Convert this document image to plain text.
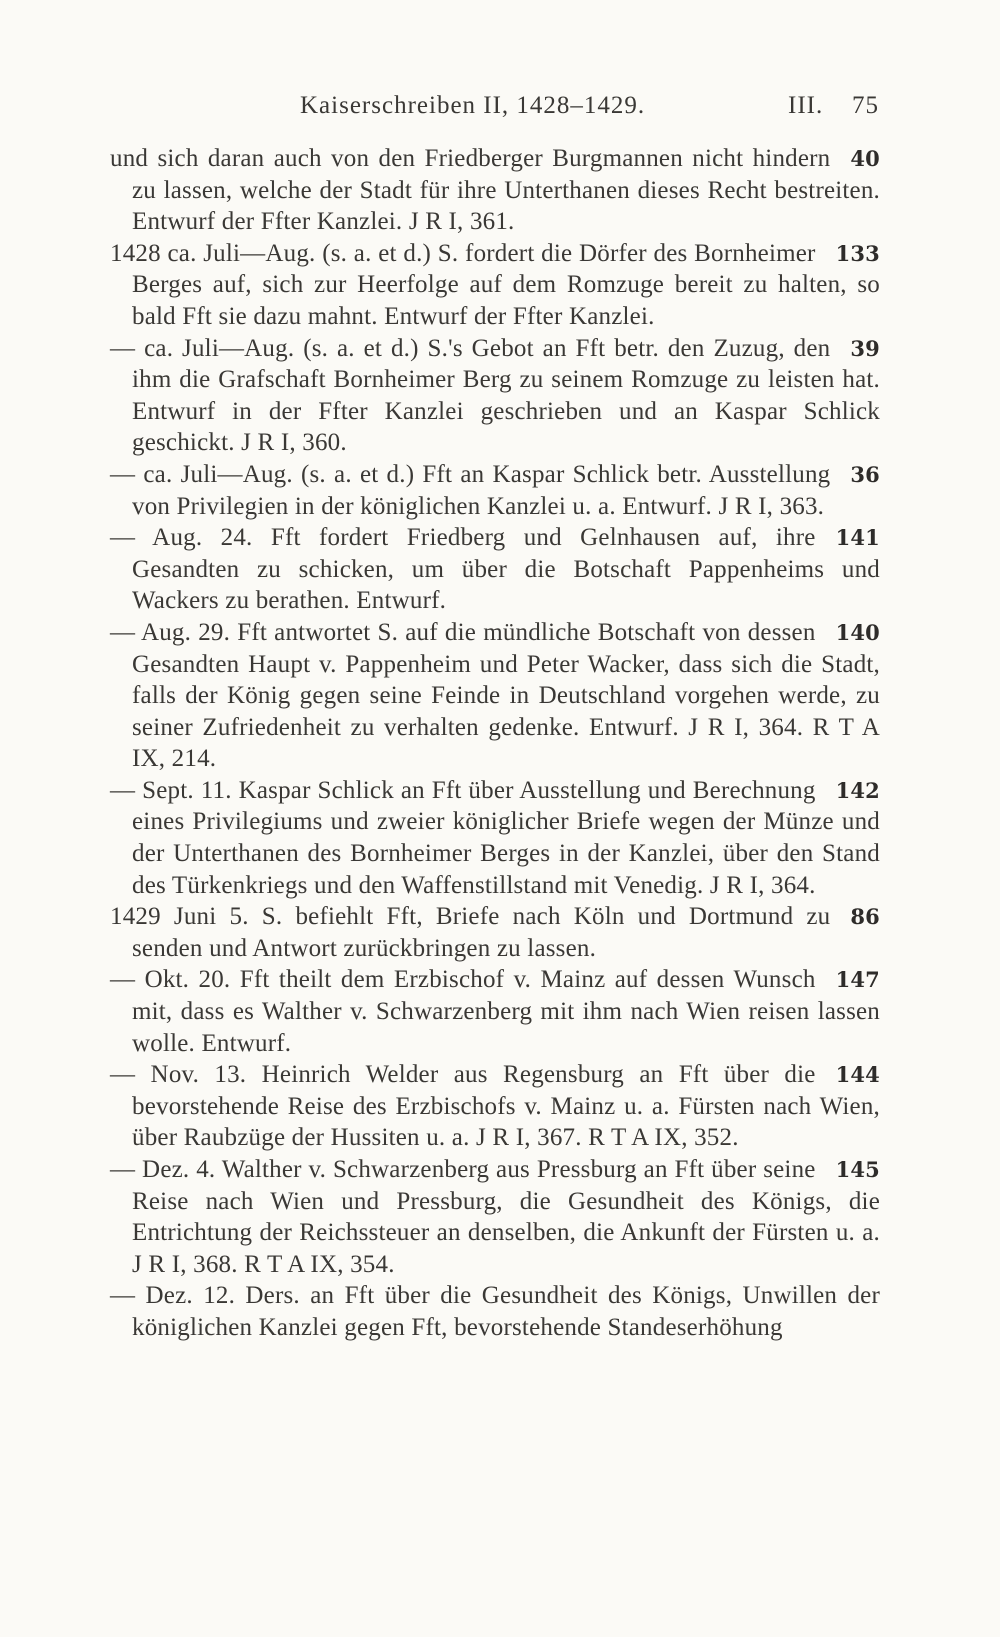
Kaiserschreiben II, 1428–1429.	III. 75

40
und sich daran auch von den Friedberger Burgmannen nicht hindern zu lassen, welche der Stadt für ihre Unterthanen dieses Recht bestreiten. Entwurf der Ffter Kanzlei. J R I, 361.

133
1428 ca. Juli—Aug. (s. a. et d.) S. fordert die Dörfer des Bornheimer Berges auf, sich zur Heerfolge auf dem Romzuge bereit zu halten, so bald Fft sie dazu mahnt. Entwurf der Ffter Kanzlei.

39
— ca. Juli—Aug. (s. a. et d.) S.'s Gebot an Fft betr. den Zuzug, den ihm die Grafschaft Bornheimer Berg zu seinem Romzuge zu leisten hat. Entwurf in der Ffter Kanzlei geschrieben und an Kaspar Schlick geschickt. J R I, 360.

36
— ca. Juli—Aug. (s. a. et d.) Fft an Kaspar Schlick betr. Ausstellung von Privilegien in der königlichen Kanzlei u. a. Entwurf. J R I, 363.

141
— Aug. 24. Fft fordert Friedberg und Gelnhausen auf, ihre Gesandten zu schicken, um über die Botschaft Pappenheims und Wackers zu berathen. Entwurf.

140
— Aug. 29. Fft antwortet S. auf die mündliche Botschaft von dessen Gesandten Haupt v. Pappenheim und Peter Wacker, dass sich die Stadt, falls der König gegen seine Feinde in Deutschland vorgehen werde, zu seiner Zufriedenheit zu verhalten gedenke. Entwurf. J R I, 364. R T A IX, 214.

142
— Sept. 11. Kaspar Schlick an Fft über Ausstellung und Berechnung eines Privilegiums und zweier königlicher Briefe wegen der Münze und der Unterthanen des Bornheimer Berges in der Kanzlei, über den Stand des Türkenkriegs und den Waffenstillstand mit Venedig. J R I, 364.

86
1429 Juni 5. S. befiehlt Fft, Briefe nach Köln und Dortmund zu senden und Antwort zurückbringen zu lassen.

147
— Okt. 20. Fft theilt dem Erzbischof v. Mainz auf dessen Wunsch mit, dass es Walther v. Schwarzenberg mit ihm nach Wien reisen lassen wolle. Entwurf.

144
— Nov. 13. Heinrich Welder aus Regensburg an Fft über die bevorstehende Reise des Erzbischofs v. Mainz u. a. Fürsten nach Wien, über Raubzüge der Hussiten u. a. J R I, 367. R T A IX, 352.

145
— Dez. 4. Walther v. Schwarzenberg aus Pressburg an Fft über seine Reise nach Wien und Pressburg, die Gesundheit des Königs, die Entrichtung der Reichssteuer an denselben, die Ankunft der Fürsten u. a. J R I, 368. R T A IX, 354.

— Dez. 12. Ders. an Fft über die Gesundheit des Königs, Unwillen der königlichen Kanzlei gegen Fft, bevorstehende Standeserhöhung
